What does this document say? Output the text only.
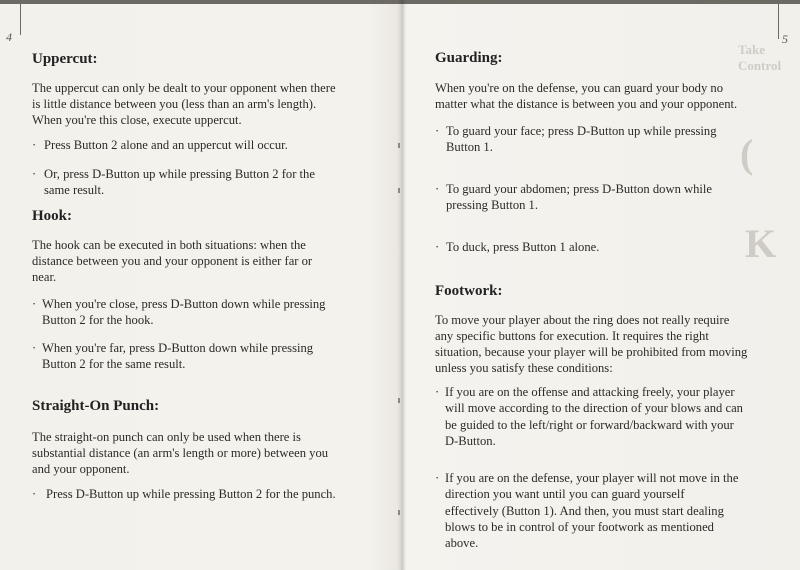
Take Control
(
K
4
Uppercut:

The uppercut can only be dealt to your opponent when there

is little distance between you (less than an arm's length).

When you're this close, execute uppercut.

· Press Button 2 alone and an uppercut will occur.
· Or, press D-Button up while pressing Button 2 for the
same result.
Hook:

The hook can be executed in both situations: when the

distance between you and your opponent is either far or

near.

· When you're close, press D-Button down while pressing
Button 2 for the hook.
· When you're far, press D-Button down while pressing
Button 2 for the same result.
Straight-On Punch:

The straight-on punch can only be used when there is

substantial distance (an arm's length or more) between you

and your opponent.

· Press D-Button up while pressing Button 2 for the punch.
5
Guarding:

When you're on the defense, you can guard your body no

matter what the distance is between you and your opponent.

· To guard your face; press D-Button up while pressing
Button 1.
· To guard your abdomen; press D-Button down while
pressing Button 1.
· To duck, press Button 1 alone.
Footwork:

To move your player about the ring does not really require

any specific buttons for execution. It requires the right

situation, because your player will be prohibited from moving

unless you satisfy these conditions:

· If you are on the offense and attacking freely, your player
will move according to the direction of your blows and can
be guided to the left/right or forward/backward with your
D-Button.
· If you are on the defense, your player will not move in the
direction you want until you can guard yourself
effectively (Button 1). And then, you must start dealing
blows to be in control of your footwork as mentioned
above.
